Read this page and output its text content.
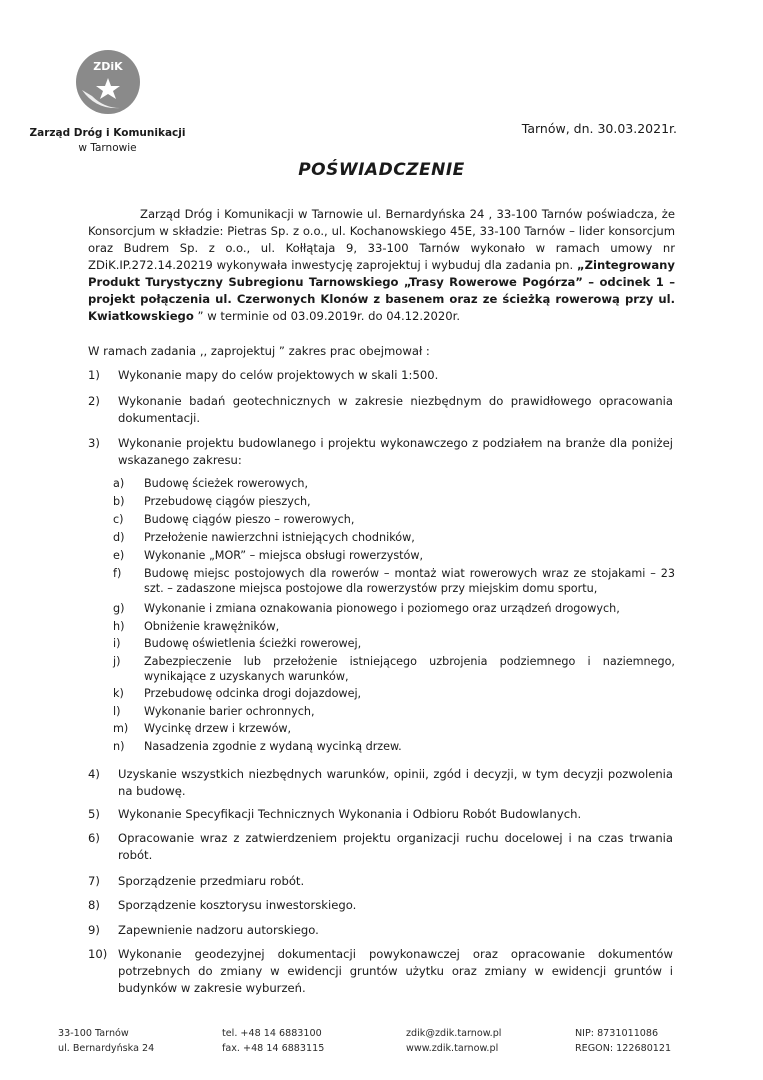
ZDiK
Zarząd Dróg i Komunikacji
w Tarnowie
Tarnów, dn. 30.03.2021r.
POŚWIADCZENIE
Zarząd Dróg i Komunikacji w Tarnowie ul. Bernardyńska 24 , 33-100 Tarnów poświadcza, że Konsorcjum w składzie: Pietras Sp. z o.o., ul. Kochanowskiego 45E, 33-100 Tarnów – lider konsorcjum oraz Budrem Sp. z o.o., ul. Kołłątaja 9, 33-100 Tarnów wykonało w ramach umowy nr ZDiK.IP.272.14.20219 wykonywała inwestycję zaprojektuj i wybuduj dla zadania pn. „Zintegrowany Produkt Turystyczny Subregionu Tarnowskiego „Trasy Rowerowe Pogórza” – odcinek 1 – projekt połączenia ul. Czerwonych Klonów z basenem oraz ze ścieżką rowerową przy ul. Kwiatkowskiego ” w terminie od 03.09.2019r. do 04.12.2020r.
W ramach zadania ,, zaprojektuj ” zakres prac obejmował :
1)	Wykonanie mapy do celów projektowych w skali 1:500.
2)	Wykonanie badań geotechnicznych w zakresie niezbędnym do prawidłowego opracowania dokumentacji.
3)	Wykonanie projektu budowlanego i projektu wykonawczego z podziałem na branże dla poniżej wskazanego zakresu:
a)	Budowę ścieżek rowerowych,
b)	Przebudowę ciągów pieszych,
c)	Budowę ciągów pieszo – rowerowych,
d)	Przełożenie nawierzchni istniejących chodników,
e)	Wykonanie „MOR” – miejsca obsługi rowerzystów,
f)	Budowę miejsc postojowych dla rowerów – montaż wiat rowerowych wraz ze stojakami – 23 szt. – zadaszone miejsca postojowe dla rowerzystów przy miejskim domu sportu,
g)	Wykonanie i zmiana oznakowania pionowego i poziomego oraz urządzeń drogowych,
h)	Obniżenie krawężników,
i)	Budowę oświetlenia ścieżki rowerowej,
j)	Zabezpieczenie lub przełożenie istniejącego uzbrojenia podziemnego i naziemnego, wynikające z uzyskanych warunków,
k)	Przebudowę odcinka drogi dojazdowej,
l)	Wykonanie barier ochronnych,
m)	Wycinkę drzew i krzewów,
n)	Nasadzenia zgodnie z wydaną wycinką drzew.
4)	Uzyskanie wszystkich niezbędnych warunków, opinii, zgód i decyzji, w tym decyzji pozwolenia na budowę.
5)	Wykonanie Specyfikacji Technicznych Wykonania i Odbioru Robót Budowlanych.
6)	Opracowanie wraz z zatwierdzeniem projektu organizacji ruchu docelowej i na czas trwania robót.
7)	Sporządzenie przedmiaru robót.
8)	Sporządzenie kosztorysu inwestorskiego.
9)	Zapewnienie nadzoru autorskiego.
10) Wykonanie geodezyjnej dokumentacji powykonawczej oraz opracowanie dokumentów potrzebnych do zmiany w ewidencji gruntów użytku oraz zmiany w ewidencji gruntów i budynków w zakresie wyburzeń.
33-100 Tarnów
ul. Bernardyńska 24
tel. +48 14 6883100
fax. +48 14 6883115
zdik@zdik.tarnow.pl
www.zdik.tarnow.pl
NIP: 8731011086
REGON: 122680121
